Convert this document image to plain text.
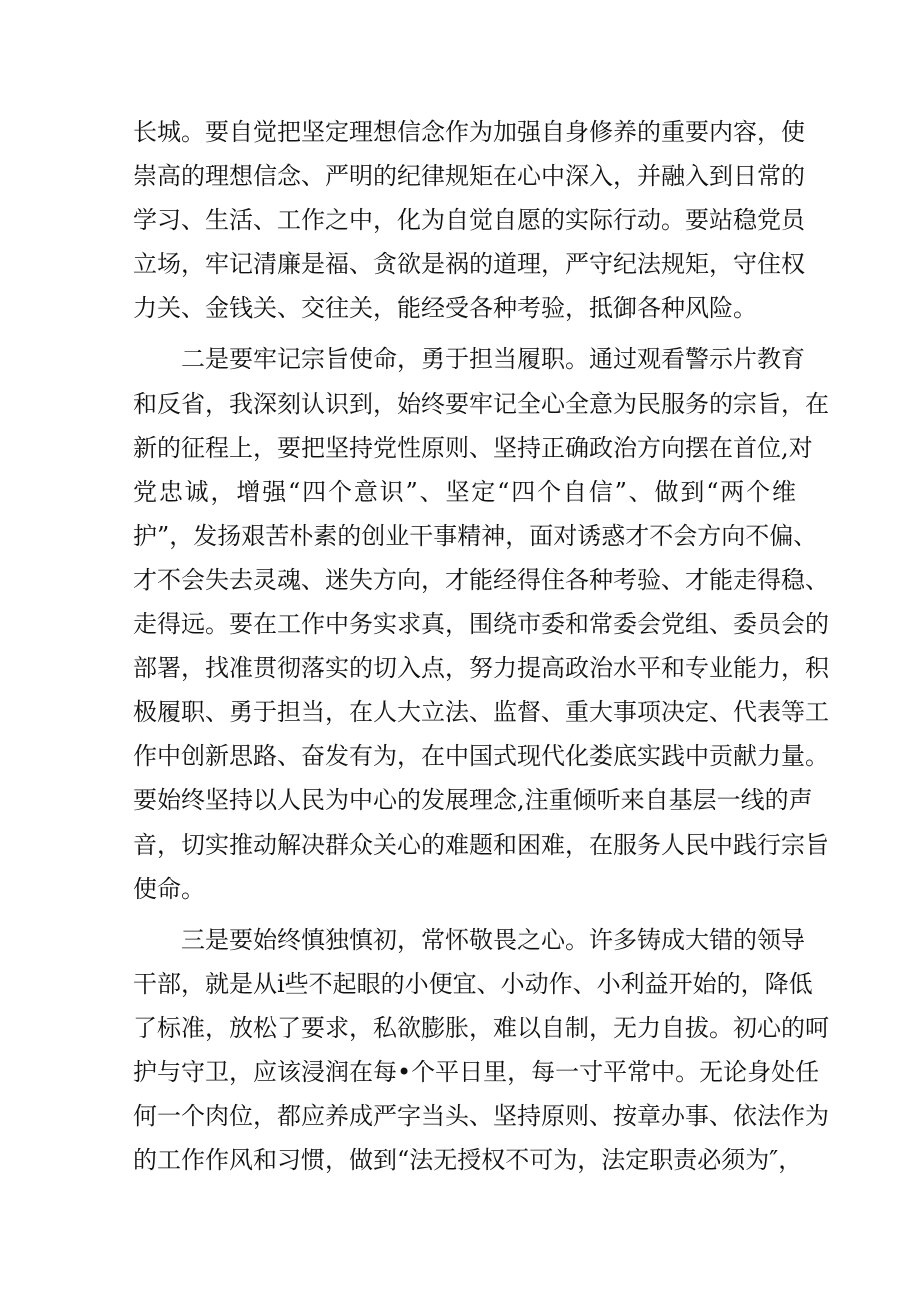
长城。要自觉把坚定理想信念作为加强自身修养的重要内容，使
崇高的理想信念、严明的纪律规矩在心中深入，并融入到日常的
学习、生活、工作之中，化为自觉自愿的实际行动。要站稳党员
立场，牢记清廉是福、贪欲是祸的道理，严守纪法规矩，守住权
力关、金钱关、交往关，能经受各种考验，抵御各种风险。
二是要牢记宗旨使命，勇于担当履职。通过观看警示片教育
和反省，我深刻认识到，始终要牢记全心全意为民服务的宗旨，在
新的征程上，要把坚持党性原则、坚持正确政治方向摆在首位,对
党忠诚，增强“四个意识”、坚定“四个自信”、做到“两个维
护”，发扬艰苦朴素的创业干事精神，面对诱惑才不会方向不偏、
才不会失去灵魂、迷失方向，才能经得住各种考验、才能走得稳、
走得远。要在工作中务实求真，围绕市委和常委会党组、委员会的
部署，找准贯彻落实的切入点，努力提高政治水平和专业能力，积
极履职、勇于担当，在人大立法、监督、重大事项决定、代表等工
作中创新思路、奋发有为，在中国式现代化娄底实践中贡献力量。
要始终坚持以人民为中心的发展理念,注重倾听来自基层一线的声
音，切实推动解决群众关心的难题和困难，在服务人民中践行宗旨
使命。
三是要始终慎独慎初，常怀敬畏之心。许多铸成大错的领导
干部，就是从i些不起眼的小便宜、小动作、小利益开始的，降低
了标准，放松了要求，私欲膨胀，难以自制，无力自拔。初心的呵
护与守卫，应该浸润在每•个平日里，每一寸平常中。无论身处任
何一个肉位，都应养成严字当头、坚持原则、按章办事、依法作为
的工作作风和习惯，做到“法无授权不可为，法定职责必须为″，
